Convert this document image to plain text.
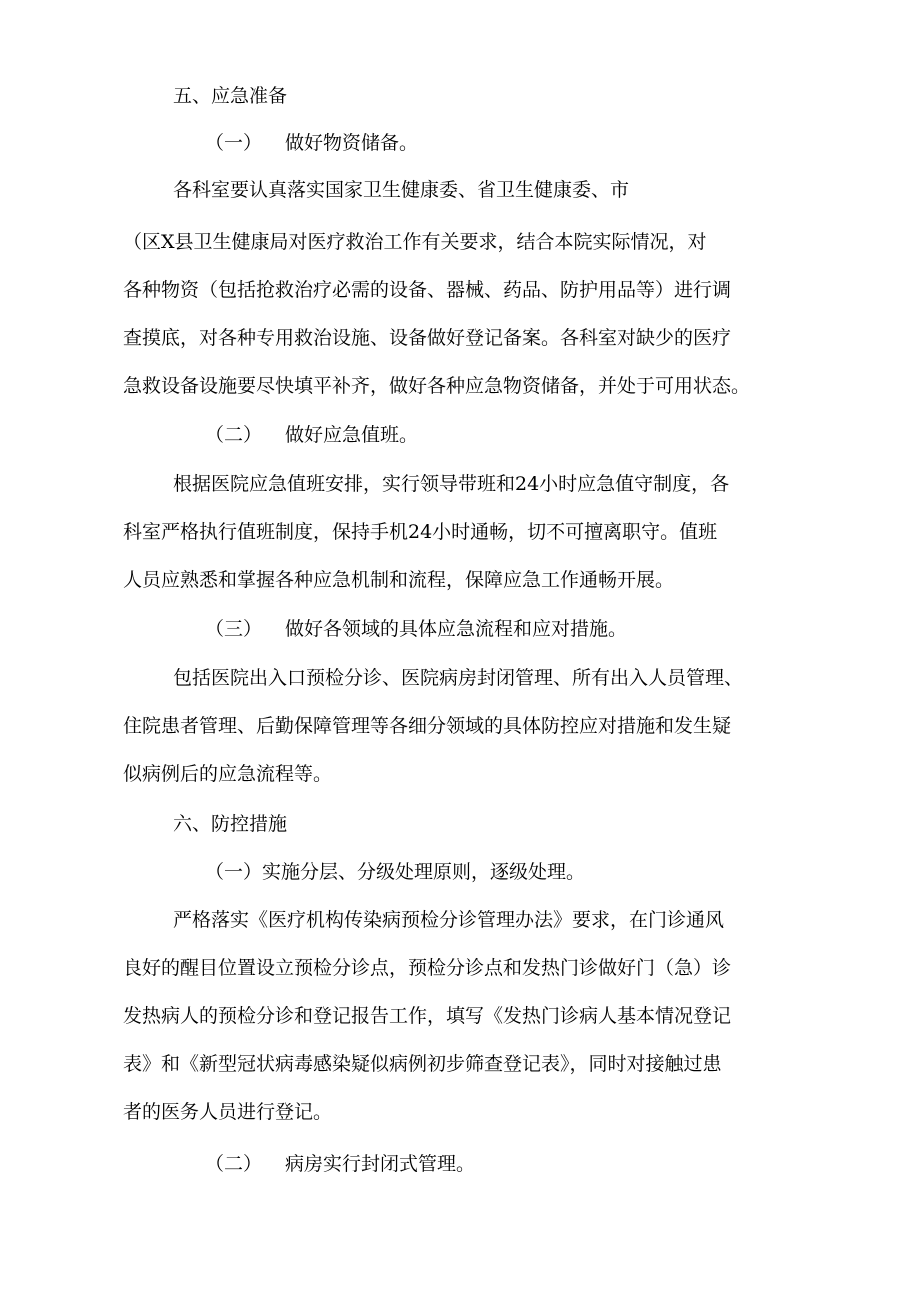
五、应急准备
（一） 做好物资储备。
各科室要认真落实国家卫生健康委、省卫生健康委、市
（区X县卫生健康局对医疗救治工作有关要求，结合本院实际情况，对
各种物资（包括抢救治疗必需的设备、器械、药品、防护用品等）进行调
查摸底，对各种专用救治设施、设备做好登记备案。各科室对缺少的医疗
急救设备设施要尽快填平补齐，做好各种应急物资储备，并处于可用状态。
（二） 做好应急值班。
根据医院应急值班安排，实行领导带班和24小时应急值守制度，各
科室严格执行值班制度，保持手机24小时通畅，切不可擅离职守。值班
人员应熟悉和掌握各种应急机制和流程，保障应急工作通畅开展。
（三） 做好各领域的具体应急流程和应对措施。
包括医院出入口预检分诊、医院病房封闭管理、所有出入人员管理、
住院患者管理、后勤保障管理等各细分领域的具体防控应对措施和发生疑
似病例后的应急流程等。
六、防控措施
（一）实施分层、分级处理原则，逐级处理。
严格落实《医疗机构传染病预检分诊管理办法》要求，在门诊通风
良好的醒目位置设立预检分诊点，预检分诊点和发热门诊做好门（急）诊
发热病人的预检分诊和登记报告工作，填写《发热门诊病人基本情况登记
表》和《新型冠状病毒感染疑似病例初步筛查登记表》，同时对接触过患
者的医务人员进行登记。
（二） 病房实行封闭式管理。
